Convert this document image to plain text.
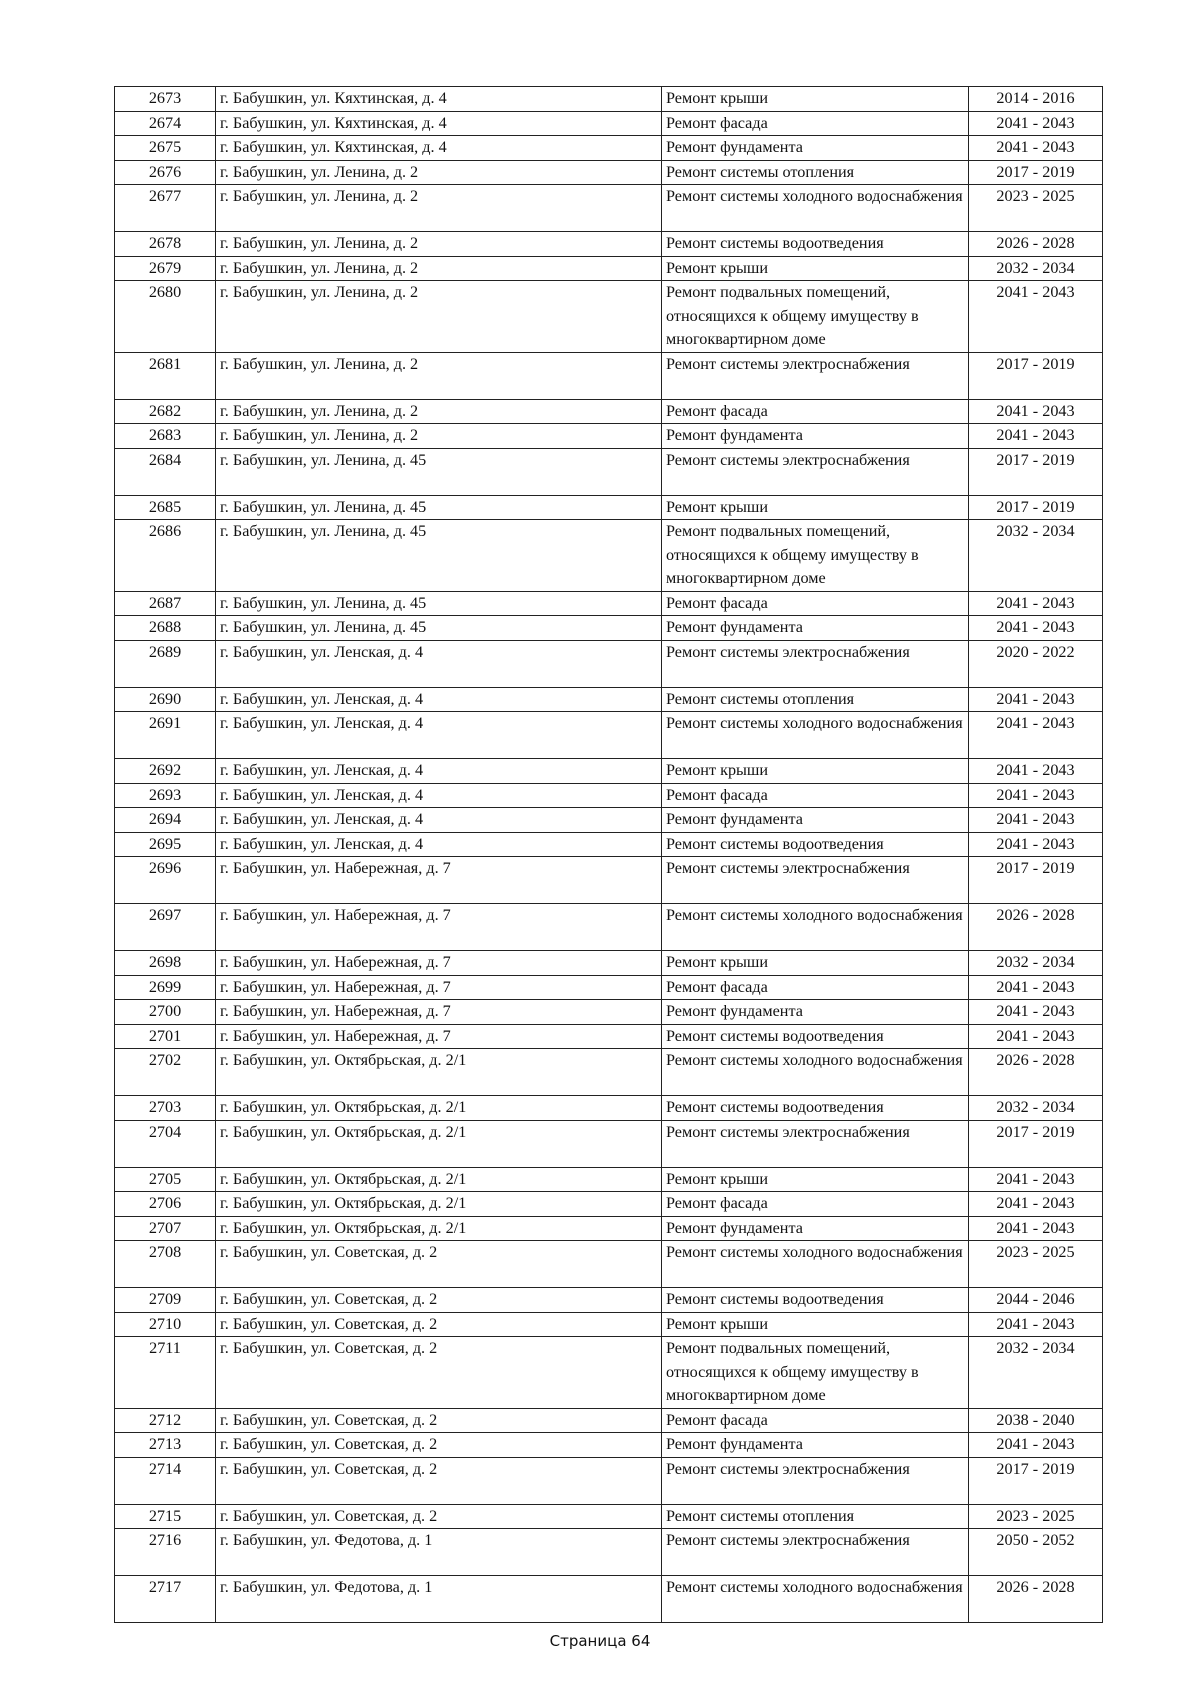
2673	г. Бабушкин, ул. Кяхтинская, д. 4	Ремонт крыши	2014 - 2016
2674	г. Бабушкин, ул. Кяхтинская, д. 4	Ремонт фасада	2041 - 2043
2675	г. Бабушкин, ул. Кяхтинская, д. 4	Ремонт фундамента	2041 - 2043
2676	г. Бабушкин, ул. Ленина, д. 2	Ремонт системы отопления	2017 - 2019
2677	г. Бабушкин, ул. Ленина, д. 2	Ремонт системы холодного водоснабжения	2023 - 2025
2678	г. Бабушкин, ул. Ленина, д. 2	Ремонт системы водоотведения	2026 - 2028
2679	г. Бабушкин, ул. Ленина, д. 2	Ремонт крыши	2032 - 2034
2680	г. Бабушкин, ул. Ленина, д. 2	Ремонт подвальных помещений, относящихся к общему имуществу в многоквартирном доме	2041 - 2043
2681	г. Бабушкин, ул. Ленина, д. 2	Ремонт системы электроснабжения	2017 - 2019
2682	г. Бабушкин, ул. Ленина, д. 2	Ремонт фасада	2041 - 2043
2683	г. Бабушкин, ул. Ленина, д. 2	Ремонт фундамента	2041 - 2043
2684	г. Бабушкин, ул. Ленина, д. 45	Ремонт системы электроснабжения	2017 - 2019
2685	г. Бабушкин, ул. Ленина, д. 45	Ремонт крыши	2017 - 2019
2686	г. Бабушкин, ул. Ленина, д. 45	Ремонт подвальных помещений, относящихся к общему имуществу в многоквартирном доме	2032 - 2034
2687	г. Бабушкин, ул. Ленина, д. 45	Ремонт фасада	2041 - 2043
2688	г. Бабушкин, ул. Ленина, д. 45	Ремонт фундамента	2041 - 2043
2689	г. Бабушкин, ул. Ленская, д. 4	Ремонт системы электроснабжения	2020 - 2022
2690	г. Бабушкин, ул. Ленская, д. 4	Ремонт системы отопления	2041 - 2043
2691	г. Бабушкин, ул. Ленская, д. 4	Ремонт системы холодного водоснабжения	2041 - 2043
2692	г. Бабушкин, ул. Ленская, д. 4	Ремонт крыши	2041 - 2043
2693	г. Бабушкин, ул. Ленская, д. 4	Ремонт фасада	2041 - 2043
2694	г. Бабушкин, ул. Ленская, д. 4	Ремонт фундамента	2041 - 2043
2695	г. Бабушкин, ул. Ленская, д. 4	Ремонт системы водоотведения	2041 - 2043
2696	г. Бабушкин, ул. Набережная, д. 7	Ремонт системы электроснабжения	2017 - 2019
2697	г. Бабушкин, ул. Набережная, д. 7	Ремонт системы холодного водоснабжения	2026 - 2028
2698	г. Бабушкин, ул. Набережная, д. 7	Ремонт крыши	2032 - 2034
2699	г. Бабушкин, ул. Набережная, д. 7	Ремонт фасада	2041 - 2043
2700	г. Бабушкин, ул. Набережная, д. 7	Ремонт фундамента	2041 - 2043
2701	г. Бабушкин, ул. Набережная, д. 7	Ремонт системы водоотведения	2041 - 2043
2702	г. Бабушкин, ул. Октябрьская, д. 2/1	Ремонт системы холодного водоснабжения	2026 - 2028
2703	г. Бабушкин, ул. Октябрьская, д. 2/1	Ремонт системы водоотведения	2032 - 2034
2704	г. Бабушкин, ул. Октябрьская, д. 2/1	Ремонт системы электроснабжения	2017 - 2019
2705	г. Бабушкин, ул. Октябрьская, д. 2/1	Ремонт крыши	2041 - 2043
2706	г. Бабушкин, ул. Октябрьская, д. 2/1	Ремонт фасада	2041 - 2043
2707	г. Бабушкин, ул. Октябрьская, д. 2/1	Ремонт фундамента	2041 - 2043
2708	г. Бабушкин, ул. Советская, д. 2	Ремонт системы холодного водоснабжения	2023 - 2025
2709	г. Бабушкин, ул. Советская, д. 2	Ремонт системы водоотведения	2044 - 2046
2710	г. Бабушкин, ул. Советская, д. 2	Ремонт крыши	2041 - 2043
2711	г. Бабушкин, ул. Советская, д. 2	Ремонт подвальных помещений, относящихся к общему имуществу в многоквартирном доме	2032 - 2034
2712	г. Бабушкин, ул. Советская, д. 2	Ремонт фасада	2038 - 2040
2713	г. Бабушкин, ул. Советская, д. 2	Ремонт фундамента	2041 - 2043
2714	г. Бабушкин, ул. Советская, д. 2	Ремонт системы электроснабжения	2017 - 2019
2715	г. Бабушкин, ул. Советская, д. 2	Ремонт системы отопления	2023 - 2025
2716	г. Бабушкин, ул. Федотова, д. 1	Ремонт системы электроснабжения	2050 - 2052
2717	г. Бабушкин, ул. Федотова, д. 1	Ремонт системы холодного водоснабжения	2026 - 2028
Страница 64
